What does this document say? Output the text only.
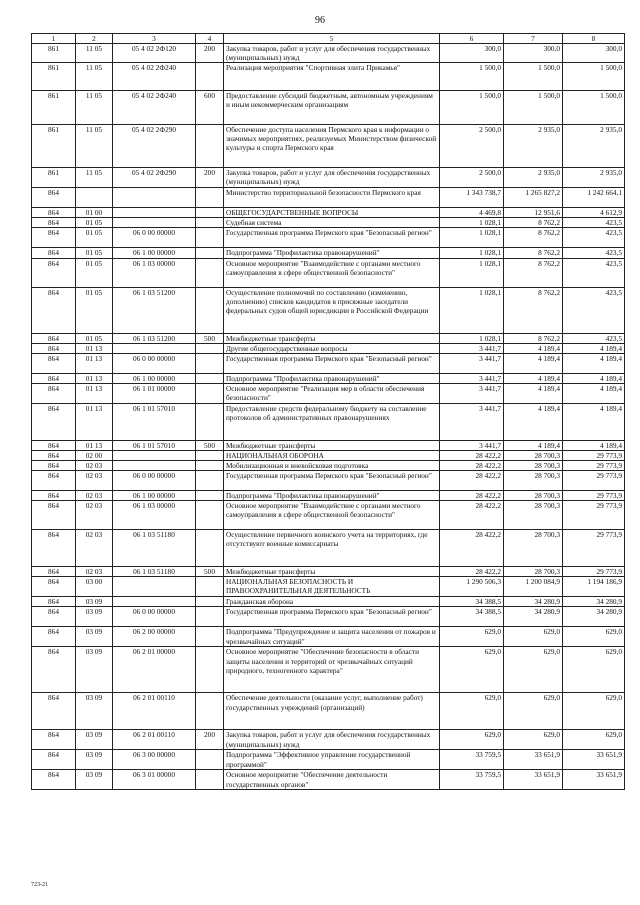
96
1	2	3	4	5	6	7	8
861	11 05	05 4 02 2Ф120	200	Закупка товаров, работ и услуг для обеспечения государственных (муниципальных) нужд	300,0	300,0	300,0
861	11 05	05 4 02 2Ф240		Реализация мероприятия "Спортивная элита Прикамья"	1 500,0	1 500,0	1 500,0
861	11 05	05 4 02 2Ф240	600	Предоставление субсидий бюджетным, автономным учреждениям и иным некоммерческим организациям	1 500,0	1 500,0	1 500,0
861	11 05	05 4 02 2Ф290		Обеспечение доступа населения Пермского края к информации о значимых мероприятиях, реализуемых Министерством физической культуры и спорта Пермского края	2 500,0	2 935,0	2 935,0
861	11 05	05 4 02 2Ф290	200	Закупка товаров, работ и услуг для обеспечения государственных (муниципальных) нужд	2 500,0	2 935,0	2 935,0
864				Министерство территориальной безопасности Пермского края	1 343 738,7	1 265 827,2	1 242 664,1
864	01 00			ОБЩЕГОСУДАРСТВЕННЫЕ ВОПРОСЫ	4 469,8	12 951,6	4 612,9
864	01 05			Судебная система	1 028,1	8 762,2	423,5
864	01 05	06 0 00 00000		Государственная программа Пермского края "Безопасный регион"	1 028,1	8 762,2	423,5
864	01 05	06 1 00 00000		Подпрограмма "Профилактика правонарушений"	1 028,1	8 762,2	423,5
864	01 05	06 1 03 00000		Основное мероприятие "Взаимодействие с органами местного самоуправления в сфере общественной безопасности"	1 028,1	8 762,2	423,5
864	01 05	06 1 03 51200		Осуществление полномочий по составлению (изменению, дополнению) списков кандидатов в присяжные заседатели федеральных судов общей юрисдикции в Российской Федерации	1 028,1	8 762,2	423,5
864	01 05	06 1 03 51200	500	Межбюджетные трансферты	1 028,1	8 762,2	423,5
864	01 13			Другие общегосударственные вопросы	3 441,7	4 189,4	4 189,4
864	01 13	06 0 00 00000		Государственная программа Пермского края "Безопасный регион"	3 441,7	4 189,4	4 189,4
864	01 13	06 1 00 00000		Подпрограмма "Профилактика правонарушений"	3 441,7	4 189,4	4 189,4
864	01 13	06 1 01 00000		Основное мероприятие "Реализация мер в области обеспечения безопасности"	3 441,7	4 189,4	4 189,4
864	01 13	06 1 01 57010		Предоставление средств федеральному бюджету на составление протоколов об административных правонарушениях	3 441,7	4 189,4	4 189,4
864	01 13	06 1 01 57010	500	Межбюджетные трансферты	3 441,7	4 189,4	4 189,4
864	02 00			НАЦИОНАЛЬНАЯ ОБОРОНА	28 422,2	28 700,3	29 773,9
864	02 03			Мобилизационная и вневойсковая подготовка	28 422,2	28 700,3	29 773,9
864	02 03	06 0 00 00000		Государственная программа Пермского края "Безопасный регион"	28 422,2	28 700,3	29 773,9
864	02 03	06 1 00 00000		Подпрограмма "Профилактика правонарушений"	28 422,2	28 700,3	29 773,9
864	02 03	06 1 03 00000		Основное мероприятие "Взаимодействие с органами местного самоуправления в сфере общественной безопасности"	28 422,2	28 700,3	29 773,9
864	02 03	06 1 03 51180		Осуществление первичного воинского учета на территориях, где отсутствуют военные комиссариаты	28 422,2	28 700,3	29 773,9
864	02 03	06 1 03 51180	500	Межбюджетные трансферты	28 422,2	28 700,3	29 773,9
864	03 00			НАЦИОНАЛЬНАЯ БЕЗОПАСНОСТЬ И ПРАВООХРАНИТЕЛЬНАЯ ДЕЯТЕЛЬНОСТЬ	1 290 506,3	1 200 084,9	1 194 186,9
864	03 09			Гражданская оборона	34 388,5	34 280,9	34 280,9
864	03 09	06 0 00 00000		Государственная программа Пермского края "Безопасный регион"	34 388,5	34 280,9	34 280,9
864	03 09	06 2 00 00000		Подпрограмма "Предупреждение и защита населения от пожаров и чрезвычайных ситуаций"	629,0	629,0	629,0
864	03 09	06 2 01 00000		Основное мероприятие "Обеспечение безопасности в области защиты населения и территорий от чрезвычайных ситуаций природного, техногенного характера"	629,0	629,0	629,0
864	03 09	06 2 01 00110		Обеспечение деятельности (оказание услуг, выполнение работ) государственных учреждений (организаций)	629,0	629,0	629,0
864	03 09	06 2 01 00110	200	Закупка товаров, работ и услуг для обеспечения государственных (муниципальных) нужд	629,0	629,0	629,0
864	03 09	06 3 00 00000		Подпрограмма "Эффективное управление государственной программой"	33 759,5	33 651,9	33 651,9
864	03 09	06 3 01 00000		Основное мероприятие "Обеспечение деятельности государственных органов"	33 759,5	33 651,9	33 651,9
723-21
